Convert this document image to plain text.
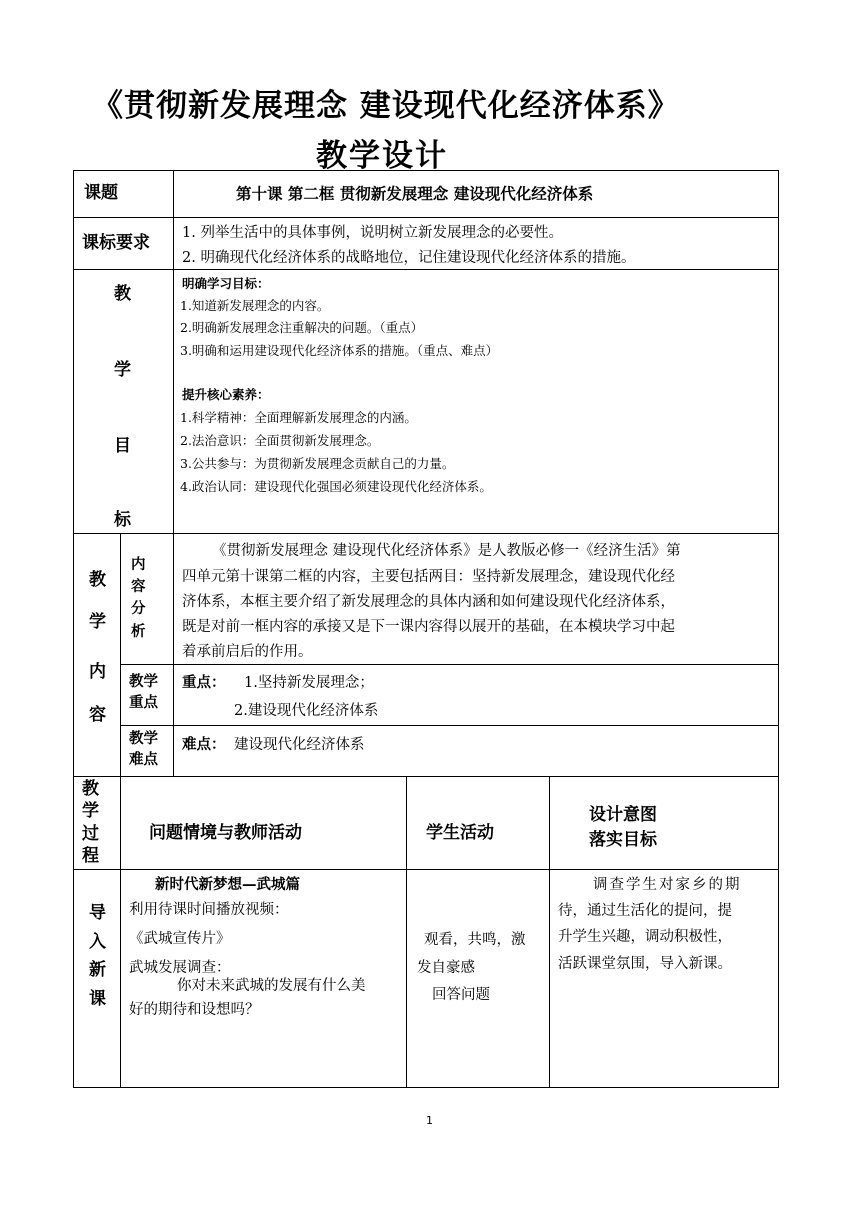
《贯彻新发展理念 建设现代化经济体系》
教学设计
课题	第十课 第二框 贯彻新发展理念 建设现代化经济体系
课标要求 1. 列举生活中的具体事例，说明树立新发展理念的必要性。
2. 明确现代化经济体系的战略地位，记住建设现代化经济体系的措施。
教
学
目
标
明确学习目标：
1.知道新发展理念的内容。
2.明确新发展理念注重解决的问题。（重点）
3.明确和运用建设现代化经济体系的措施。（重点、难点）
提升核心素养：
1.科学精神：全面理解新发展理念的内涵。
2.法治意识：全面贯彻新发展理念。
3.公共参与：为贯彻新发展理念贡献自己的力量。
4.政治认同：建设现代化强国必须建设现代化经济体系。
教
学
内
容
内
容
分
析
《贯彻新发展理念 建设现代化经济体系》是人教版必修一《经济生活》第
四单元第十课第二框的内容，主要包括两目：坚持新发展理念，建设现代化经
济体系，本框主要介绍了新发展理念的具体内涵和如何建设现代化经济体系，
既是对前一框内容的承接又是下一课内容得以展开的基础，在本模块学习中起
着承前启后的作用。
教学
重点
重点： 1.坚持新发展理念；
2.建设现代化经济体系
教学
难点
难点： 建设现代化经济体系
教
学
过
程
问题情境与教师活动	学生活动
设计意图
落实目标
导
入
新
课
新时代新梦想—武城篇
利用待课时间播放视频：
《武城宣传片》
武城发展调查：
你对未来武城的发展有什么美
好的期待和设想吗？
观看，共鸣，激
发自豪感
回答问题
调查学生对家乡的期
待，通过生活化的提问，提
升学生兴趣，调动积极性，
活跃课堂氛围，导入新课。
1
